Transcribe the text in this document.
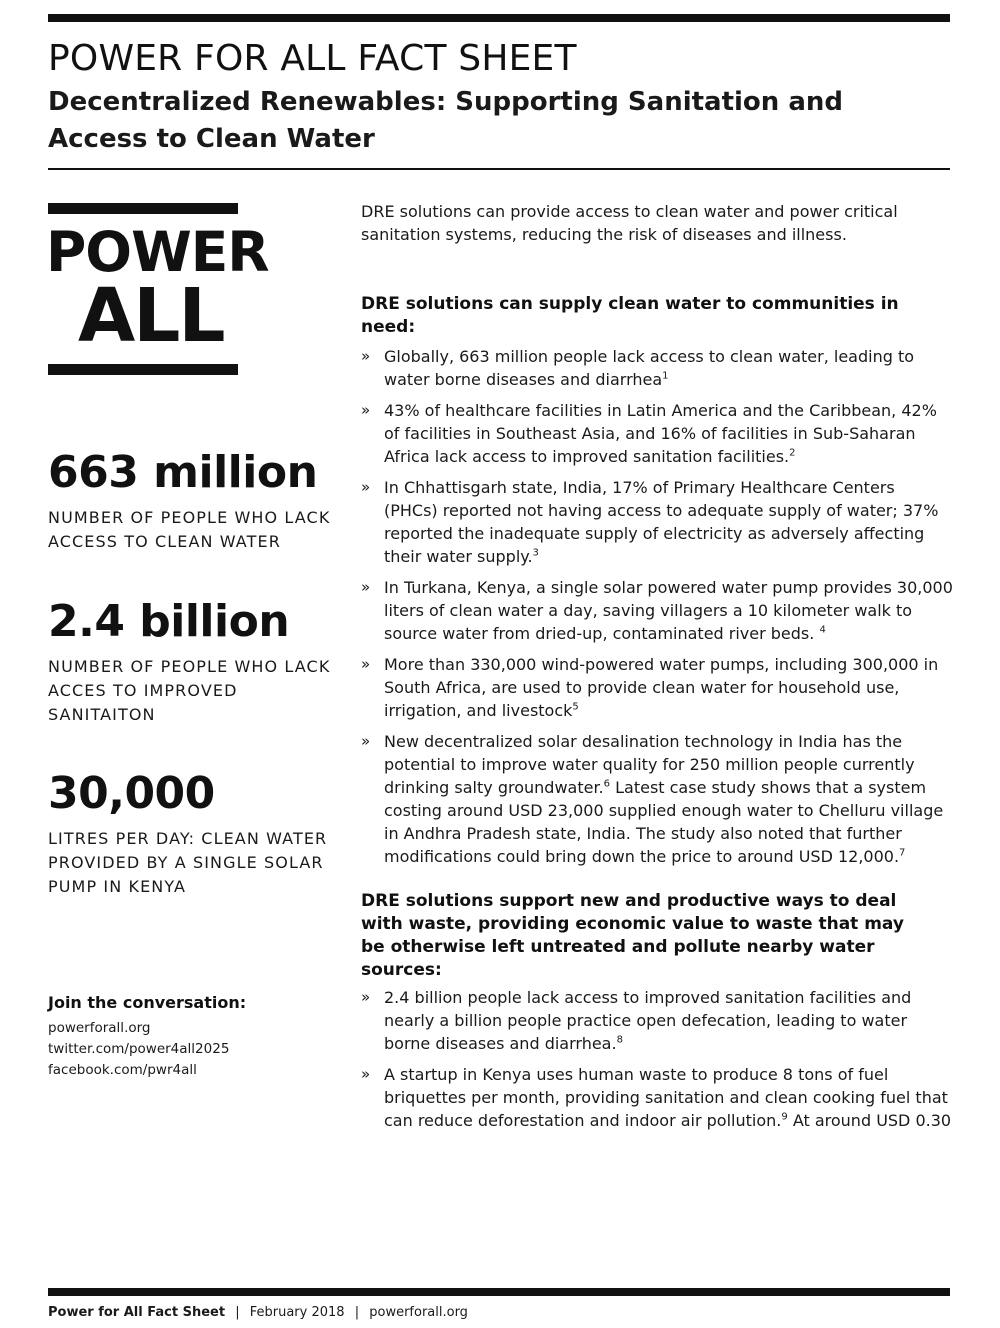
POWER FOR ALL FACT SHEET
Decentralized Renewables: Supporting Sanitation and Access to Clean Water
POWER
ALL
663 million
NUMBER OF PEOPLE WHO LACK ACCESS TO CLEAN WATER
2.4 billion
NUMBER OF PEOPLE WHO LACK ACCES TO IMPROVED SANITAITON
30,000
LITRES PER DAY: CLEAN WATER PROVIDED BY A SINGLE SOLAR PUMP IN KENYA
Join the conversation:
powerforall.org
twitter.com/power4all2025
facebook.com/pwr4all

DRE solutions can provide access to clean water and power critical sanitation systems, reducing the risk of diseases and illness.

DRE solutions can supply clean water to communities in need:
» Globally, 663 million people lack access to clean water, leading to water borne diseases and diarrhea$^1$
» 43% of healthcare facilities in Latin America and the Caribbean, 42% of facilities in Southeast Asia, and 16% of facilities in Sub-Saharan Africa lack access to improved sanitation facilities.$^2$
» In Chhattisgarh state, India, 17% of Primary Healthcare Centers (PHCs) reported not having access to adequate supply of water; 37% reported the inadequate supply of electricity as adversely affecting their water supply.$^3$
» In Turkana, Kenya, a single solar powered water pump provides 30,000 liters of clean water a day, saving villagers a 10 kilometer walk to source water from dried-up, contaminated river beds. $^4$
» More than 330,000 wind-powered water pumps, including 300,000 in South Africa, are used to provide clean water for household use, irrigation, and livestock$^5$
» New decentralized solar desalination technology in India has the potential to improve water quality for 250 million people currently drinking salty groundwater.$^6$ Latest case study shows that a system costing around USD 23,000 supplied enough water to Chelluru village in Andhra Pradesh state, India. The study also noted that further modifications could bring down the price to around USD 12,000.$^7$
DRE solutions support new and productive ways to deal with waste, providing economic value to waste that may be otherwise left untreated and pollute nearby water sources:
» 2.4 billion people lack access to improved sanitation facilities and nearly a billion people practice open defecation, leading to water borne diseases and diarrhea.$^8$
» A startup in Kenya uses human waste to produce 8 tons of fuel briquettes per month, providing sanitation and clean cooking fuel that can reduce deforestation and indoor air pollution.$^9$ At around USD 0.30
Power for All Fact Sheet | February 2018 | powerforall.org
